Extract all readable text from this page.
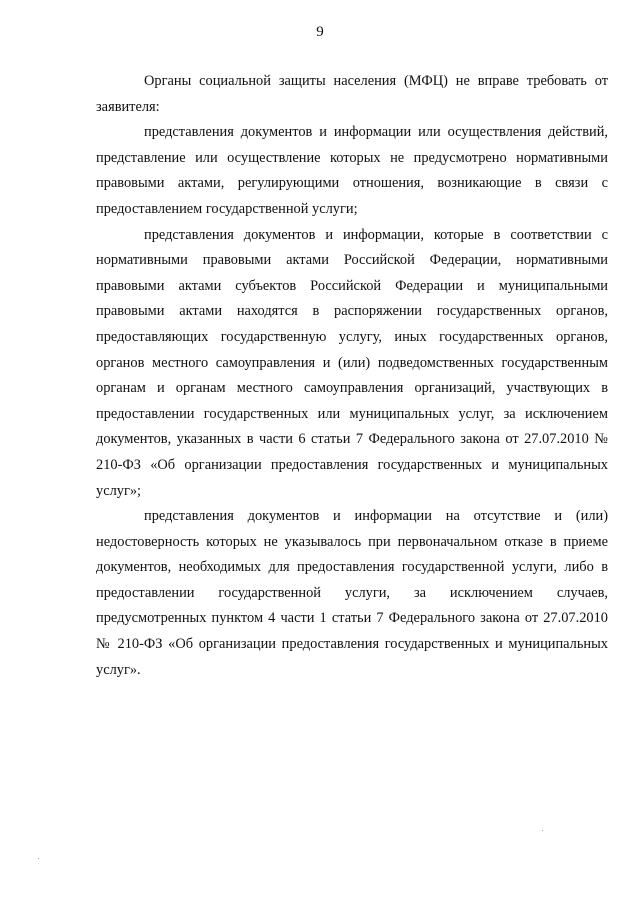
9

Органы социальной защиты населения (МФЦ) не вправе требовать от заявителя:

представления документов и информации или осуществления действий, представление или осуществление которых не предусмотрено нормативными правовыми актами, регулирующими отношения, возникающие в связи с предоставлением государственной услуги;

представления документов и информации, которые в соответствии с нормативными правовыми актами Российской Федерации, нормативными правовыми актами субъектов Российской Федерации и муниципальными правовыми актами находятся в распоряжении государственных органов, предоставляющих государственную услугу, иных государственных органов, органов местного самоуправления и (или) подведомственных государственным органам и органам местного самоуправления организаций, участвующих в предоставлении государственных или муниципальных услуг, за исключением документов, указанных в части 6 статьи 7 Федерального закона от 27.07.2010 № 210-ФЗ «Об организации предоставления государственных и муниципальных услуг»;

представления документов и информации на отсутствие и (или) недостоверность которых не указывалось при первоначальном отказе в приеме документов, необходимых для предоставления государственной услуги, либо в предоставлении государственной услуги, за исключением случаев, предусмотренных пунктом 4 части 1 статьи 7 Федерального закона от 27.07.2010 № 210-ФЗ «Об организации предоставления государственных и муниципальных услуг».
